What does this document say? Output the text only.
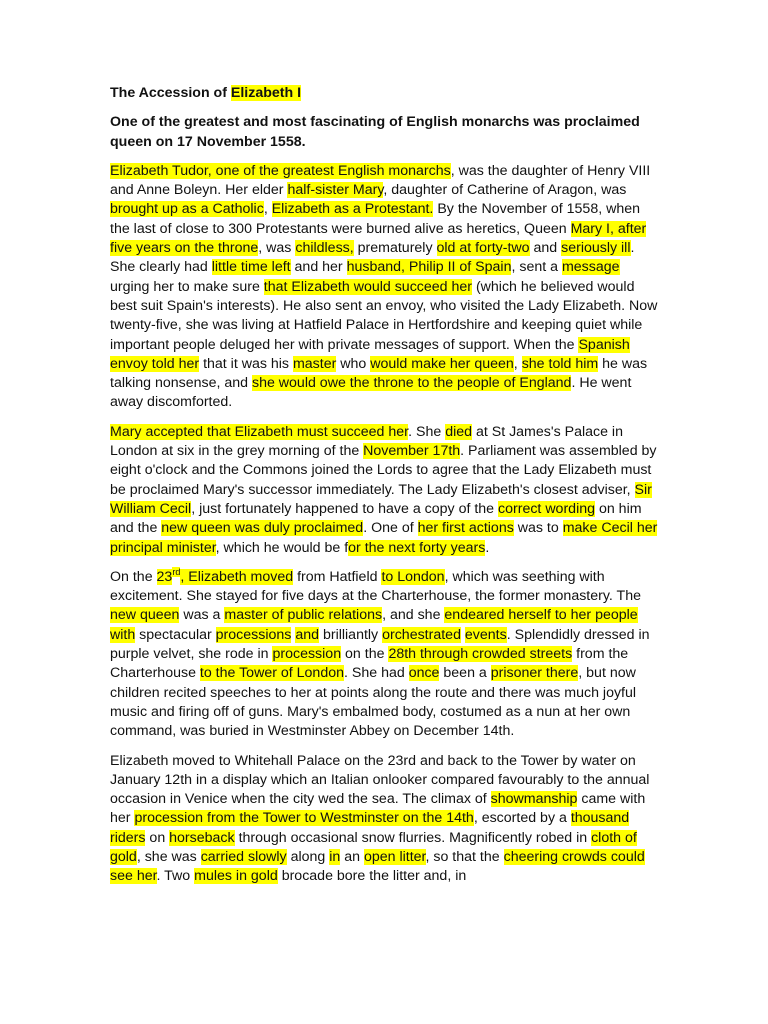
The Accession of Elizabeth I

One of the greatest and most fascinating of English monarchs was proclaimed queen on 17 November 1558.

Elizabeth Tudor, one of the greatest English monarchs, was the daughter of Henry VIII and Anne Boleyn. Her elder half-sister Mary, daughter of Catherine of Aragon, was brought up as a Catholic, Elizabeth as a Protestant. By the November of 1558, when the last of close to 300 Protestants were burned alive as heretics, Queen Mary I, after five years on the throne, was childless, prematurely old at forty-two and seriously ill. She clearly had little time left and her husband, Philip II of Spain, sent a message urging her to make sure that Elizabeth would succeed her (which he believed would best suit Spain's interests). He also sent an envoy, who visited the Lady Elizabeth. Now twenty-five, she was living at Hatfield Palace in Hertfordshire and keeping quiet while important people deluged her with private messages of support. When the Spanish envoy told her that it was his master who would make her queen, she told him he was talking nonsense, and she would owe the throne to the people of England. He went away discomforted.

Mary accepted that Elizabeth must succeed her. She died at St James's Palace in London at six in the grey morning of the November 17th. Parliament was assembled by eight o'clock and the Commons joined the Lords to agree that the Lady Elizabeth must be proclaimed Mary's successor immediately. The Lady Elizabeth's closest adviser, Sir William Cecil, just fortunately happened to have a copy of the correct wording on him and the new queen was duly proclaimed. One of her first actions was to make Cecil her principal minister, which he would be for the next forty years.

On the 23rd, Elizabeth moved from Hatfield to London, which was seething with excitement. She stayed for five days at the Charterhouse, the former monastery. The new queen was a master of public relations, and she endeared herself to her people with spectacular processions and brilliantly orchestrated events. Splendidly dressed in purple velvet, she rode in procession on the 28th through crowded streets from the Charterhouse to the Tower of London. She had once been a prisoner there, but now children recited speeches to her at points along the route and there was much joyful music and firing off of guns. Mary's embalmed body, costumed as a nun at her own command, was buried in Westminster Abbey on December 14th.

Elizabeth moved to Whitehall Palace on the 23rd and back to the Tower by water on January 12th in a display which an Italian onlooker compared favourably to the annual occasion in Venice when the city wed the sea. The climax of showmanship came with her procession from the Tower to Westminster on the 14th, escorted by a thousand riders on horseback through occasional snow flurries. Magnificently robed in cloth of gold, she was carried slowly along in an open litter, so that the cheering crowds could see her. Two mules in gold brocade bore the litter and, in
